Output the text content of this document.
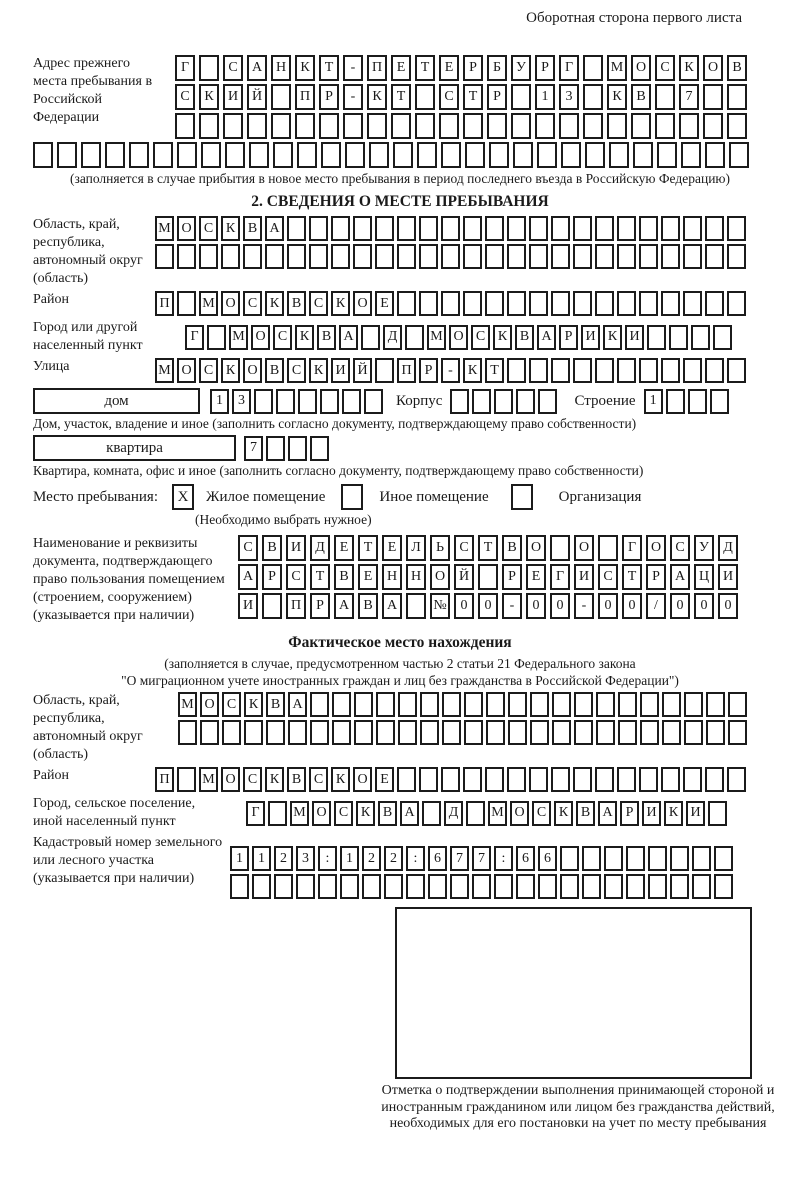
Оборотная сторона первого листа
Адрес прежнего места пребывания в Российской Федерации
Г	С	А Н	К	Т	-	П	Е	Т	Е	Р	Б	У	Р	Г	М О	С	К	О	В
С	К	И Й	П	Р	-	К	Т	С	Т	Р	1	3	К	В	7
(заполняется в случае прибытия в новое место пребывания в период последнего въезда в Российскую Федерацию)
2. СВЕДЕНИЯ О МЕСТЕ ПРЕБЫВАНИЯ
Область, край, республика, автономный округ (область)
М О С К В А
Район	П	М О С К В С К О Е
Город или другой населенный пункт
Г	М О С К В А	Д	М О С К В А Р И К И
Улица	М О С К О В С К И Й	П Р	-	К Т
дом	1	3	Корпус	Строение	1
Дом, участок, владение и иное (заполнить согласно документу, подтверждающему право собственности)
квартира	7
Квартира, комната, офис и иное (заполнить согласно документу, подтверждающему право собственности)
Место пребывания:	X	Жилое помещение	Иное помещение	Организация
(Необходимо выбрать нужное)
Наименование и реквизиты документа, подтверждающего право пользования помещением (строением, сооружением) (указывается при наличии)
С	В	И	Д	Е	Т	Е	Л	Ь	С	Т	В	О	О	Г	О	С	У	Д
А	Р	С	Т	В	Е	Н Н О Й	Р	Е	Г	И	С	Т	Р	А Ц И
И	П	Р	А	В	А	№ 0	0	-	0	0	-	0	0	/	0	0	0
Фактическое место нахождения
(заполняется в случае, предусмотренном частью 2 статьи 21 Федерального закона
"О миграционном учете иностранных граждан и лиц без гражданства в Российской Федерации")
Область, край, республика, автономный округ (область)
М О С К В А
Район	П	М О С К В С К О Е
Город, сельское поселение, иной населенный пункт
Г	М О С К В А	Д	М О С К В А Р И К И
Кадастровый номер земельного или лесного участка (указывается при наличии)
1	1	2	3	:	1	2	2	:	6	7	7	:	6	6
Отметка о подтверждении выполнения принимающей стороной и иностранным гражданином или лицом без гражданства действий, необходимых для его постановки на учет по месту пребывания
